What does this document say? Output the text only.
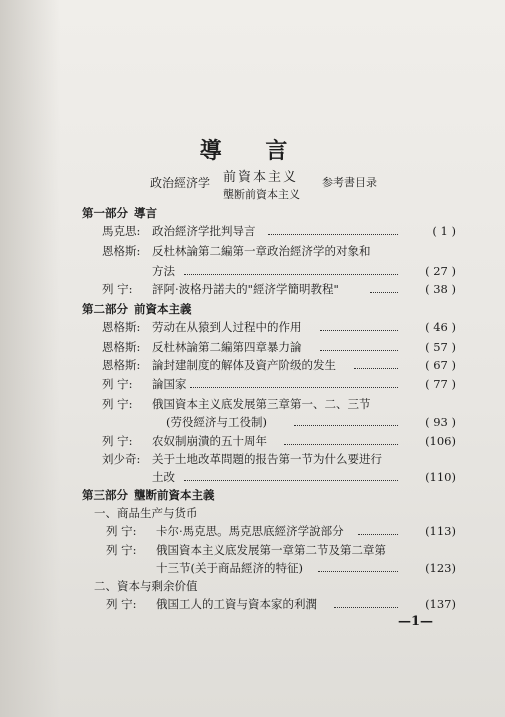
導 言
政治經济学 前資本主义
壟断前資本主义
参考書目录
第一部分 導言
馬克思: 政治經济学批判导言	( 1 )
恩格斯: 反杜林論第二編第一章政治經济学的对象和
方法	( 27 )
列 宁: 評阿·波格丹諾夫的"經济学簡明教程"	( 38 )
第二部分 前資本主義
恩格斯: 劳动在从猿到人过程中的作用	( 46 )
恩格斯: 反杜林論第二編第四章暴力論	( 57 )
恩格斯: 論封建制度的解体及資产阶级的发生	( 67 )
列 宁: 論国家	( 77 )
列 宁: 俄国資本主义底发展第三章第一、二、三节
(劳役經济与工役制)	( 93 )
列 宁: 农奴制崩潰的五十周年	(106)
刘少奇: 关于土地改革問題的报告第一节为什么要进行
土改	(110)
第三部分 壟断前資本主義
一、商品生产与货币
列 宁: 卡尔·馬克思。馬克思底經济学說部分	(113)
列 宁: 俄国資本主义底发展第一章第二节及第二章第
十三节(关于商品經济的特征)	(123)
二、資本与剩余价值
列 宁: 俄国工人的工資与資本家的利潤	(137)
—1—
